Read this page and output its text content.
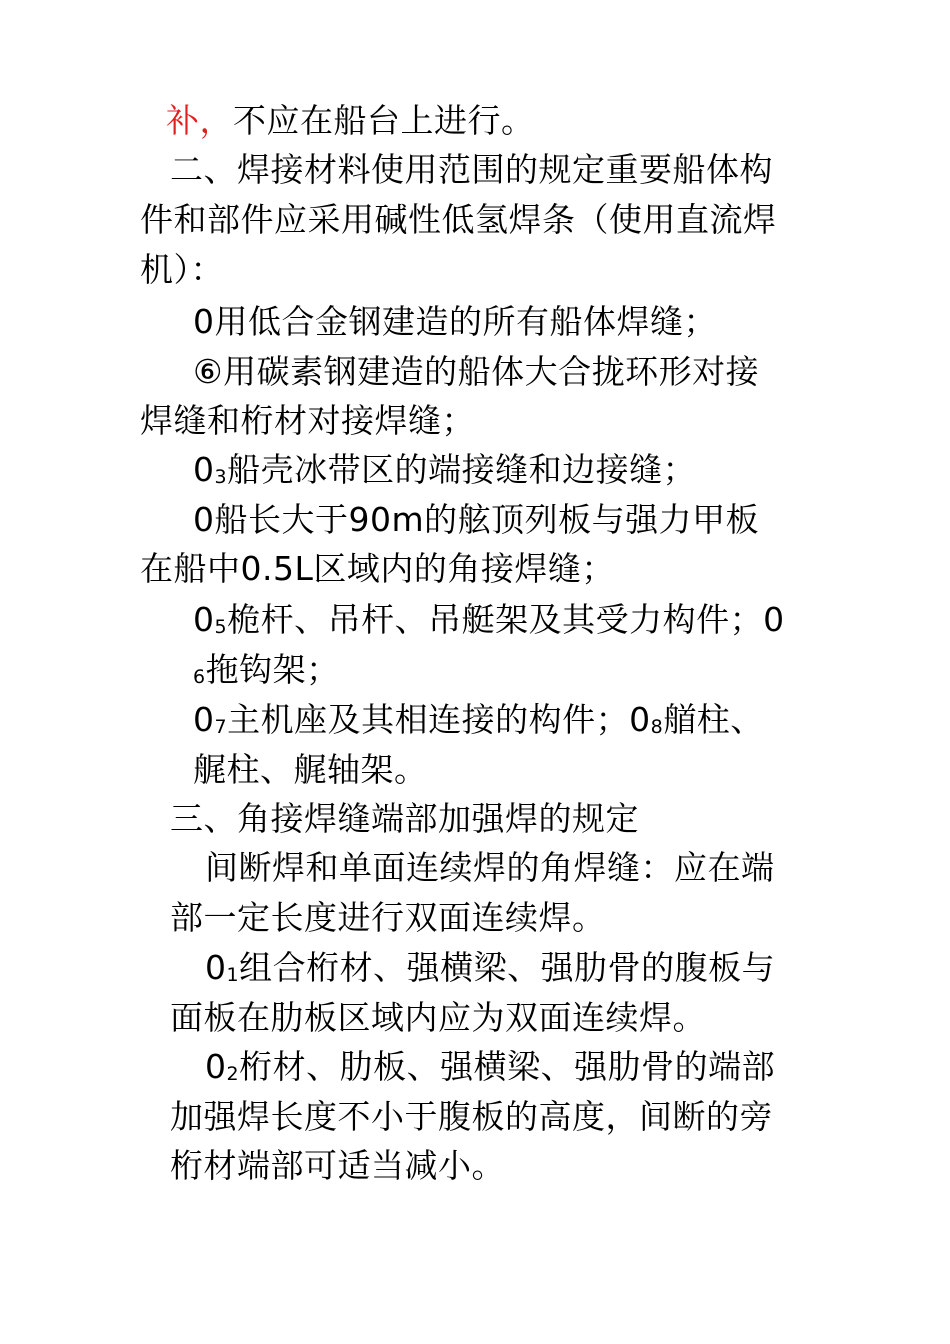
补，不应在船台上进行。
二、焊接材料使用范围的规定重要船体构
件和部件应采用碱性低氢焊条（使用直流焊
机）：
0用低合金钢建造的所有船体焊缝；
⑥用碳素钢建造的船体大合拢环形对接
焊缝和桁材对接焊缝；
03船壳冰带区的端接缝和边接缝；
0船长大于90m的舷顶列板与强力甲板
在船中0.5L区域内的角接焊缝；
05桅杆、吊杆、吊艇架及其受力构件；0
6拖钩架；
07主机座及其相连接的构件；08艏柱、
艉柱、艉轴架。
三、角接焊缝端部加强焊的规定
间断焊和单面连续焊的角焊缝：应在端
部一定长度进行双面连续焊。
01组合桁材、强横梁、强肋骨的腹板与
面板在肋板区域内应为双面连续焊。
02桁材、肋板、强横梁、强肋骨的端部
加强焊长度不小于腹板的高度，间断的旁
桁材端部可适当减小。
